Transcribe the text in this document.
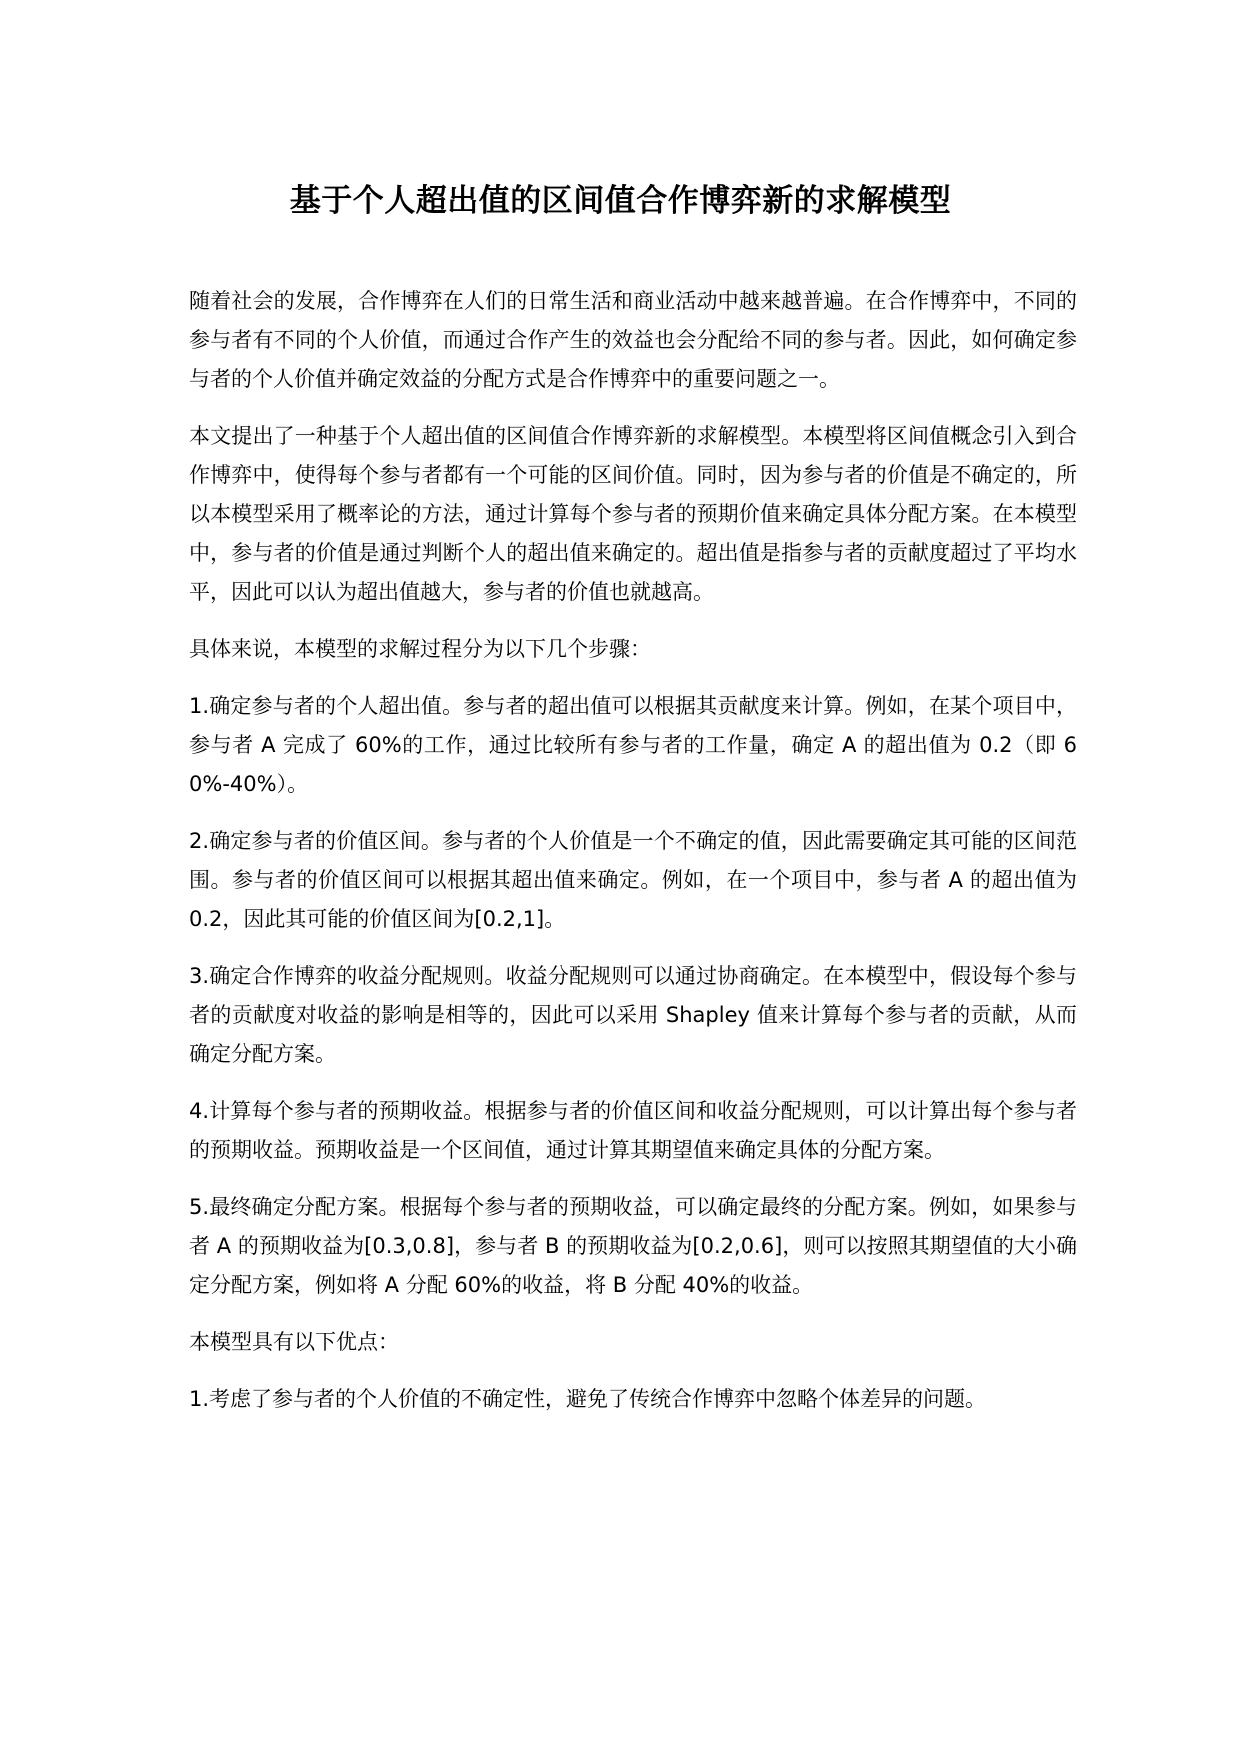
基于个人超出值的区间值合作博弈新的求解模型

随着社会的发展，合作博弈在人们的日常生活和商业活动中越来越普遍。在合作博弈中，不同的参与者有不同的个人价值，而通过合作产生的效益也会分配给不同的参与者。因此，如何确定参与者的个人价值并确定效益的分配方式是合作博弈中的重要问题之一。

本文提出了一种基于个人超出值的区间值合作博弈新的求解模型。本模型将区间值概念引入到合作博弈中，使得每个参与者都有一个可能的区间价值。同时，因为参与者的价值是不确定的，所以本模型采用了概率论的方法，通过计算每个参与者的预期价值来确定具体分配方案。在本模型中，参与者的价值是通过判断个人的超出值来确定的。超出值是指参与者的贡献度超过了平均水平，因此可以认为超出值越大，参与者的价值也就越高。

具体来说，本模型的求解过程分为以下几个步骤：

1.确定参与者的个人超出值。参与者的超出值可以根据其贡献度来计算。例如，在某个项目中，参与者 A 完成了 60%的工作，通过比较所有参与者的工作量，确定 A 的超出值为 0.2（即 60%-40%）。

2.确定参与者的价值区间。参与者的个人价值是一个不确定的值，因此需要确定其可能的区间范围。参与者的价值区间可以根据其超出值来确定。例如，在一个项目中，参与者 A 的超出值为 0.2，因此其可能的价值区间为[0.2,1]。

3.确定合作博弈的收益分配规则。收益分配规则可以通过协商确定。在本模型中，假设每个参与者的贡献度对收益的影响是相等的，因此可以采用 Shapley 值来计算每个参与者的贡献，从而确定分配方案。

4.计算每个参与者的预期收益。根据参与者的价值区间和收益分配规则，可以计算出每个参与者的预期收益。预期收益是一个区间值，通过计算其期望值来确定具体的分配方案。

5.最终确定分配方案。根据每个参与者的预期收益，可以确定最终的分配方案。例如，如果参与者 A 的预期收益为[0.3,0.8]，参与者 B 的预期收益为[0.2,0.6]，则可以按照其期望值的大小确定分配方案，例如将 A 分配 60%的收益，将 B 分配 40%的收益。

本模型具有以下优点：

1.考虑了参与者的个人价值的不确定性，避免了传统合作博弈中忽略个体差异的问题。
